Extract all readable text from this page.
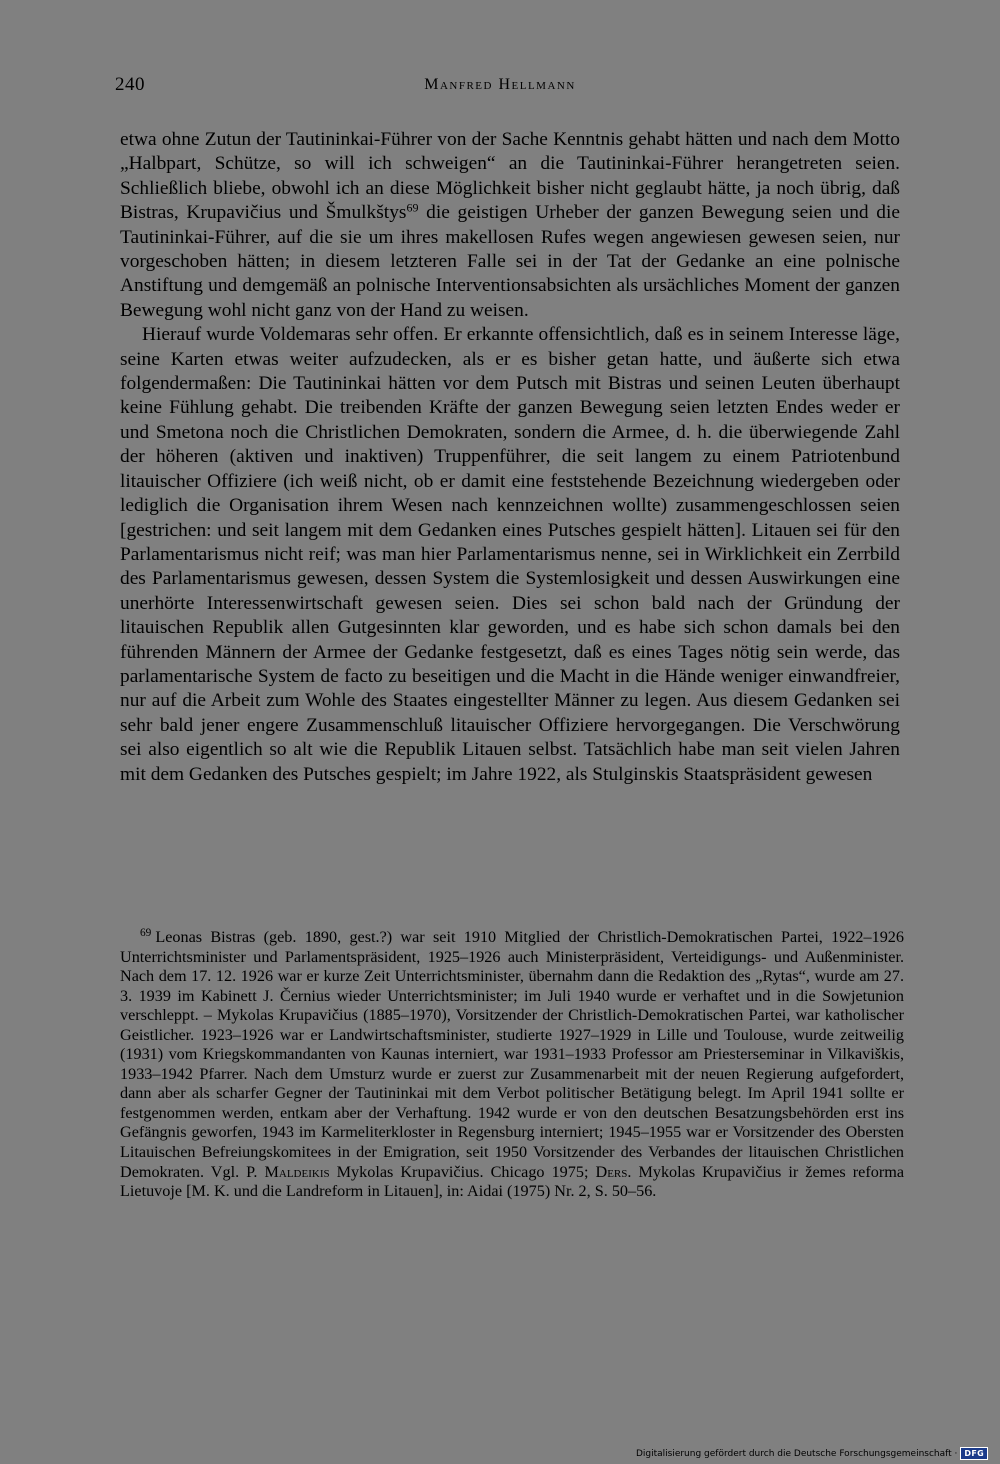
240	Manfred Hellmann

etwa ohne Zutun der Tautininkai-Führer von der Sache Kenntnis gehabt hätten und nach dem Motto „Halbpart, Schütze, so will ich schweigen“ an die Tautininkai-Führer herangetreten seien. Schließlich bliebe, obwohl ich an diese Möglichkeit bisher nicht geglaubt hätte, ja noch übrig, daß Bistras, Krupavičius und Šmulkštys$^{69}$ die geistigen Urheber der ganzen Bewegung seien und die Tautininkai-Führer, auf die sie um ihres makellosen Rufes wegen angewiesen gewesen seien, nur vorgeschoben hätten; in diesem letzteren Falle sei in der Tat der Gedanke an eine polnische Anstiftung und demgemäß an polnische Interventionsabsichten als ursächliches Moment der ganzen Bewegung wohl nicht ganz von der Hand zu weisen.

Hierauf wurde Voldemaras sehr offen. Er erkannte offensichtlich, daß es in seinem Interesse läge, seine Karten etwas weiter aufzudecken, als er es bisher getan hatte, und äußerte sich etwa folgendermaßen: Die Tautininkai hätten vor dem Putsch mit Bistras und seinen Leuten überhaupt keine Fühlung gehabt. Die treibenden Kräfte der ganzen Bewegung seien letzten Endes weder er und Smetona noch die Christlichen Demokraten, sondern die Armee, d. h. die überwiegende Zahl der höheren (aktiven und inaktiven) Truppenführer, die seit langem zu einem Patriotenbund litauischer Offiziere (ich weiß nicht, ob er damit eine feststehende Bezeichnung wiedergeben oder lediglich die Organisation ihrem Wesen nach kennzeichnen wollte) zusammengeschlossen seien [gestrichen: und seit langem mit dem Gedanken eines Putsches gespielt hätten]. Litauen sei für den Parlamentarismus nicht reif; was man hier Parlamentarismus nenne, sei in Wirklichkeit ein Zerrbild des Parlamentarismus gewesen, dessen System die Systemlosigkeit und dessen Auswirkungen eine unerhörte Interessenwirtschaft gewesen seien. Dies sei schon bald nach der Gründung der litauischen Republik allen Gutgesinnten klar geworden, und es habe sich schon damals bei den führenden Männern der Armee der Gedanke festgesetzt, daß es eines Tages nötig sein werde, das parlamentarische System de facto zu beseitigen und die Macht in die Hände weniger einwandfreier, nur auf die Arbeit zum Wohle des Staates eingestellter Männer zu legen. Aus diesem Gedanken sei sehr bald jener engere Zusammenschluß litauischer Offiziere hervorgegangen. Die Verschwörung sei also eigentlich so alt wie die Republik Litauen selbst. Tatsächlich habe man seit vielen Jahren mit dem Gedanken des Putsches gespielt; im Jahre 1922, als Stulginskis Staatspräsident gewesen

$^{69}$ Leonas Bistras (geb. 1890, gest.?) war seit 1910 Mitglied der Christlich-Demokratischen Partei, 1922–1926 Unterrichtsminister und Parlamentspräsident, 1925–1926 auch Ministerpräsident, Verteidigungs- und Außenminister. Nach dem 17. 12. 1926 war er kurze Zeit Unterrichtsminister, übernahm dann die Redaktion des „Rytas“, wurde am 27. 3. 1939 im Kabinett J. Černius wieder Unterrichtsminister; im Juli 1940 wurde er verhaftet und in die Sowjetunion verschleppt. – Mykolas Krupavičius (1885–1970), Vorsitzender der Christlich-Demokratischen Partei, war katholischer Geistlicher. 1923–1926 war er Landwirtschaftsminister, studierte 1927–1929 in Lille und Toulouse, wurde zeitweilig (1931) vom Kriegskommandanten von Kaunas interniert, war 1931–1933 Professor am Priesterseminar in Vilkaviškis, 1933–1942 Pfarrer. Nach dem Umsturz wurde er zuerst zur Zusammenarbeit mit der neuen Regierung aufgefordert, dann aber als scharfer Gegner der Tautininkai mit dem Verbot politischer Betätigung belegt. Im April 1941 sollte er festgenommen werden, entkam aber der Verhaftung. 1942 wurde er von den deutschen Besatzungsbehörden erst ins Gefängnis geworfen, 1943 im Karmeliterkloster in Regensburg interniert; 1945–1955 war er Vorsitzender des Obersten Litauischen Befreiungskomitees in der Emigration, seit 1950 Vorsitzender des Verbandes der litauischen Christlichen Demokraten. Vgl. P. Maldeikis Mykolas Krupavičius. Chicago 1975; Ders. Mykolas Krupavičius ir žemes reforma Lietuvoje [M. K. und die Landreform in Litauen], in: Aidai (1975) Nr. 2, S. 50–56.

Digitalisierung gefördert durch die Deutsche Forschungsgemeinschaft · DFG
